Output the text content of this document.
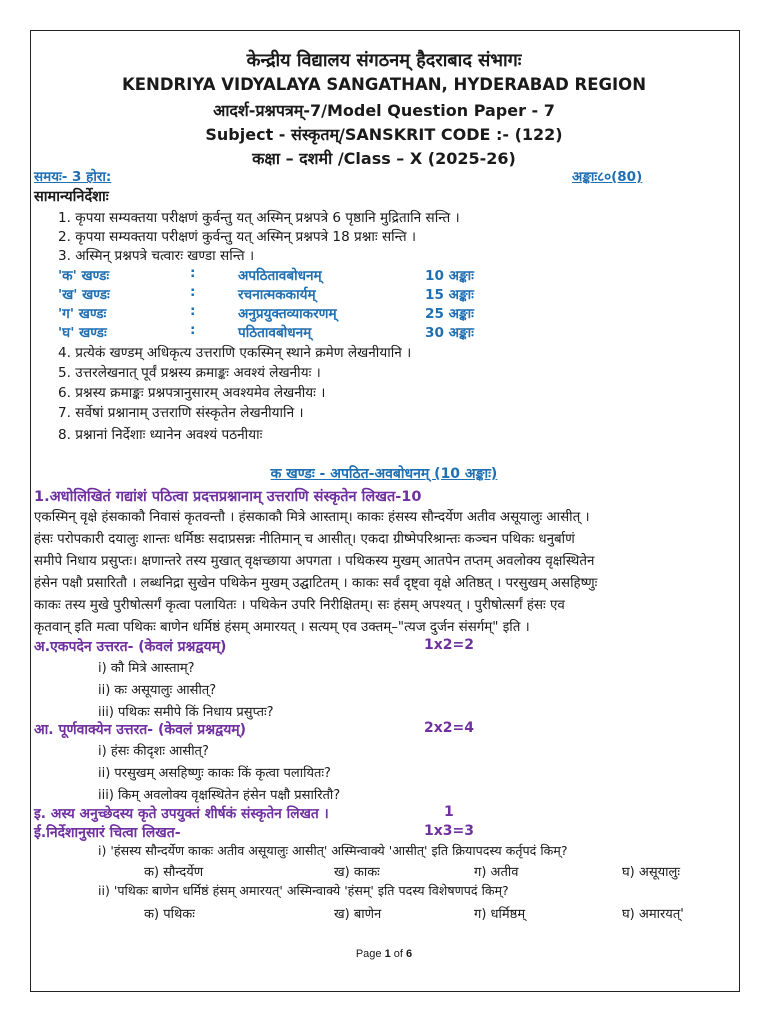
केन्द्रीय विद्यालय संगठनम् हैदराबाद संभागः
KENDRIYA VIDYALAYA SANGATHAN, HYDERABAD REGION
आदर्श-प्रश्नपत्रम्-7/Model Question Paper - 7
Subject - संस्कृतम्/SANSKRIT CODE :- (122)
कक्षा – दशमी /Class – X (2025-26)
समयः- 3 होरा:	अङ्काः८०(80)
सामान्यनिर्देशाः
1. कृपया सम्यक्तया परीक्षणं कुर्वन्तु यत् अस्मिन् प्रश्नपत्रे 6 पृष्ठानि मुद्रितानि सन्ति ।
2. कृपया सम्यक्तया परीक्षणं कुर्वन्तु यत् अस्मिन् प्रश्नपत्रे 18 प्रश्नाः सन्ति ।
3. अस्मिन् प्रश्नपत्रे चत्वारः खण्डा सन्ति ।
'क' खण्डः	:	अपठितावबोधनम्	10 अङ्काः
'ख' खण्डः	:	रचनात्मककार्यम्	15 अङ्काः
'ग' खण्डः	:	अनुप्रयुक्तव्याकरणम्	25 अङ्काः
'घ' खण्डः	:	पठितावबोधनम्	30 अङ्काः
4. प्रत्येकं खण्डम् अधिकृत्य उत्तराणि एकस्मिन् स्थाने क्रमेण लेखनीयानि ।
5. उत्तरलेखनात् पूर्वं प्रश्नस्य क्रमाङ्कः अवश्यं लेखनीयः ।
6. प्रश्नस्य क्रमाङ्कः प्रश्नपत्रानुसारम् अवश्यमेव लेखनीयः ।
7. सर्वेषां प्रश्नानाम् उत्तराणि संस्कृतेन लेखनीयानि ।
8. प्रश्नानां निर्देशाः ध्यानेन अवश्यं पठनीयाः
क खण्डः - अपठित-अवबोधनम् (10 अङ्काः)
1.अधोलिखितं गद्यांशं पठित्वा प्रदत्तप्रश्नानाम् उत्तराणि संस्कृतेन लिखत-10
एकस्मिन् वृक्षे हंसकाकौ निवासं कृतवन्तौ । हंसकाकौ मित्रे आस्ताम्। काकः हंसस्य सौन्दर्येण अतीव असूयालुः आसीत् ।
हंसः परोपकारी दयालुः शान्तः धर्मिष्ठः सदाप्रसन्नः नीतिमान् च आसीत्। एकदा ग्रीष्मेपरिश्रान्तः कञ्चन पथिकः धनुर्बाणं
समीपे निधाय प्रसुप्तः। क्षणान्तरे तस्य मुखात् वृक्षच्छाया अपगता । पथिकस्य मुखम् आतपेन तप्तम् अवलोक्य वृक्षस्थितेन
हंसेन पक्षौ प्रसारितौ । लब्धनिद्रा सुखेन पथिकेन मुखम् उद्घाटितम् । काकः सर्वं दृष्ट्वा वृक्षे अतिष्ठत् । परसुखम् असहिष्णुः
काकः तस्य मुखे पुरीषोत्सर्गं कृत्वा पलायितः । पथिकेन उपरि निरीक्षितम्। सः हंसम् अपश्यत् । पुरीषोत्सर्गं हंसः एव
कृतवान् इति मत्वा पथिकः बाणेन धर्मिष्ठं हंसम् अमारयत् । सत्यम् एव उक्तम्–"त्यज दुर्जन संसर्गम्" इति ।
अ.एकपदेन उत्तरत- (केवलं प्रश्नद्वयम्)	1x2=2
i) कौ मित्रे आस्ताम्?
ii) कः असूयालुः आसीत्?
iii) पथिकः समीपे किं निधाय प्रसुप्तः?
आ. पूर्णवाक्येन उत्तरत- (केवलं प्रश्नद्वयम्)	2x2=4
i) हंसः कीदृशः आसीत्?
ii) परसुखम् असहिष्णुः काकः किं कृत्वा पलायितः?
iii) किम् अवलोक्य वृक्षस्थितेन हंसेन पक्षौ प्रसारितौ?
इ. अस्य अनुच्छेदस्य कृते उपयुक्तं शीर्षकं संस्कृतेन लिखत ।	1
ई.निर्देशानुसारं चित्वा लिखत-	1x3=3
i) 'हंसस्य सौन्दर्येण काकः अतीव असूयालुः आसीत्' अस्मिन्वाक्ये 'आसीत्' इति क्रियापदस्य कर्तृपदं किम्?
क) सौन्दर्येण	ख) काकः	ग) अतीव	घ) असूयालुः
ii) 'पथिकः बाणेन धर्मिष्ठं हंसम् अमारयत्' अस्मिन्वाक्ये 'हंसम्' इति पदस्य विशेषणपदं किम्?
क) पथिकः	ख) बाणेन	ग) धर्मिष्ठम्	घ) अमारयत्'
Page 1 of 6
